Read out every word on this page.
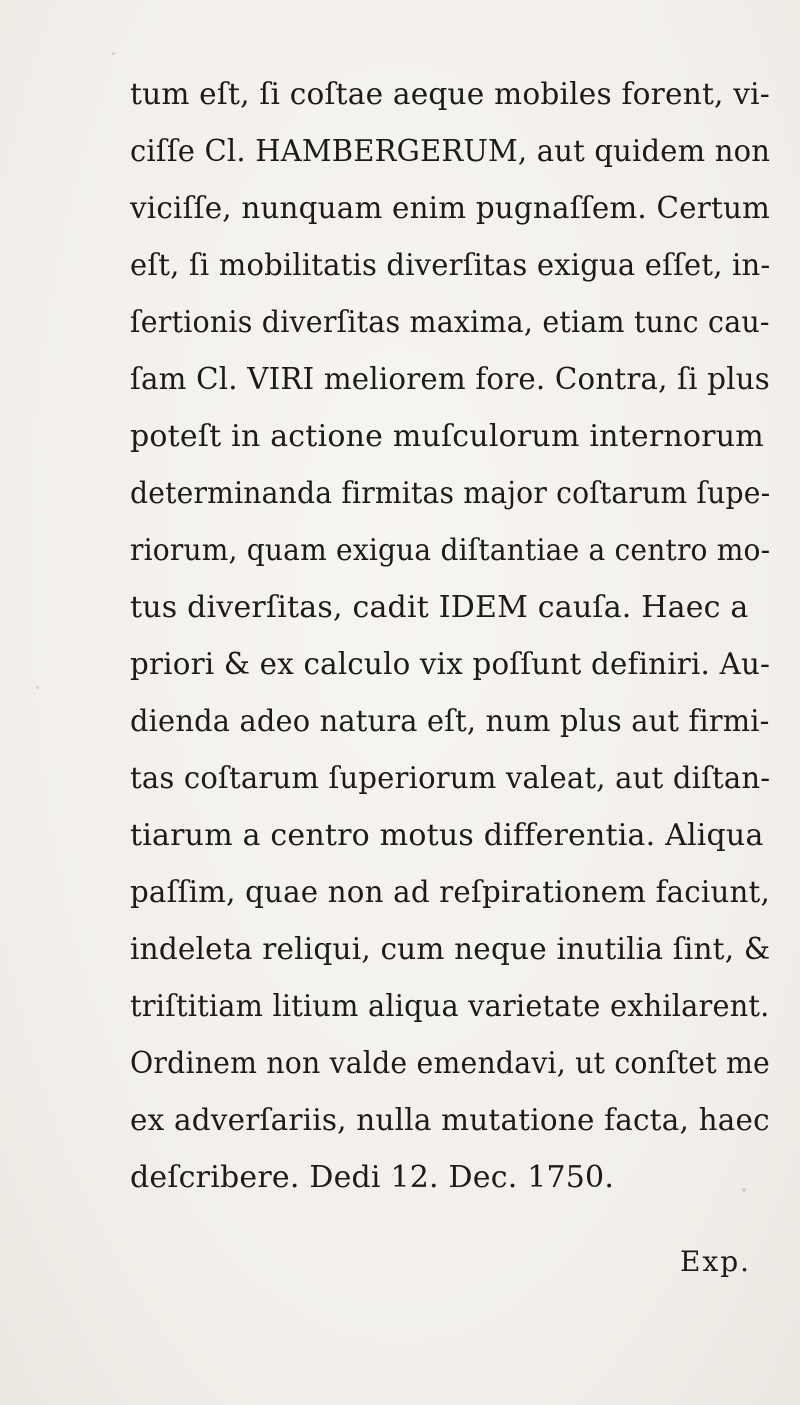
tum eſt, ſi coſtae aeque mobiles forent, vi-
ciſſe Cl. HAMBERGERUM, aut quidem non
viciſſe, nunquam enim pugnaſſem. Certum
eſt, ſi mobilitatis diverſitas exigua eſſet, in-
ſertionis diverſitas maxima, etiam tunc cau-
ſam Cl. VIRI meliorem fore. Contra, ſi plus
poteſt in actione muſculorum internorum
determinanda firmitas major coſtarum ſupe-
riorum, quam exigua diſtantiae a centro mo-
tus diverſitas, cadit IDEM cauſa. Haec a
priori & ex calculo vix poſſunt definiri. Au-
dienda adeo natura eſt, num plus aut firmi-
tas coſtarum ſuperiorum valeat, aut diſtan-
tiarum a centro motus differentia. Aliqua
paſſim, quae non ad reſpirationem faciunt,
indeleta reliqui, cum neque inutilia ſint, &
triſtitiam litium aliqua varietate exhilarent.
Ordinem non valde emendavi, ut conſtet me
ex adverſariis, nulla mutatione facta, haec
deſcribere. Dedi 12. Dec. 1750.
Exp.
